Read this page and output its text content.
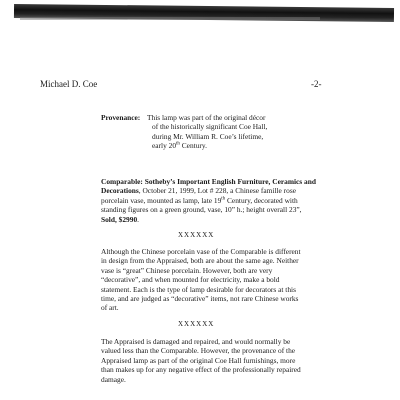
Michael D. Coe	-2-
Provenance: This lamp was part of the original décor
of the historically significant Coe Hall,
during Mr. William R. Coe’s lifetime,
early 20th Century.
Comparable: Sotheby’s Important English Furniture, Ceramics and Decorations, October 21, 1999, Lot # 228, a Chinese famille rose porcelain vase, mounted as lamp, late 19th Century, decorated with standing figures on a green ground, vase, 10” h.; height overall 23”, Sold, $2990.
XXXXXX
Although the Chinese porcelain vase of the Comparable is different in design from the Appraised, both are about the same age. Neither vase is “great” Chinese porcelain. However, both are very “decorative”, and when mounted for electricity, make a bold statement. Each is the type of lamp desirable for decorators at this time, and are judged as “decorative” items, not rare Chinese works of art.
XXXXXX
The Appraised is damaged and repaired, and would normally be valued less than the Comparable. However, the provenance of the Appraised lamp as part of the original Coe Hall furnishings, more than makes up for any negative effect of the professionally repaired damage.
